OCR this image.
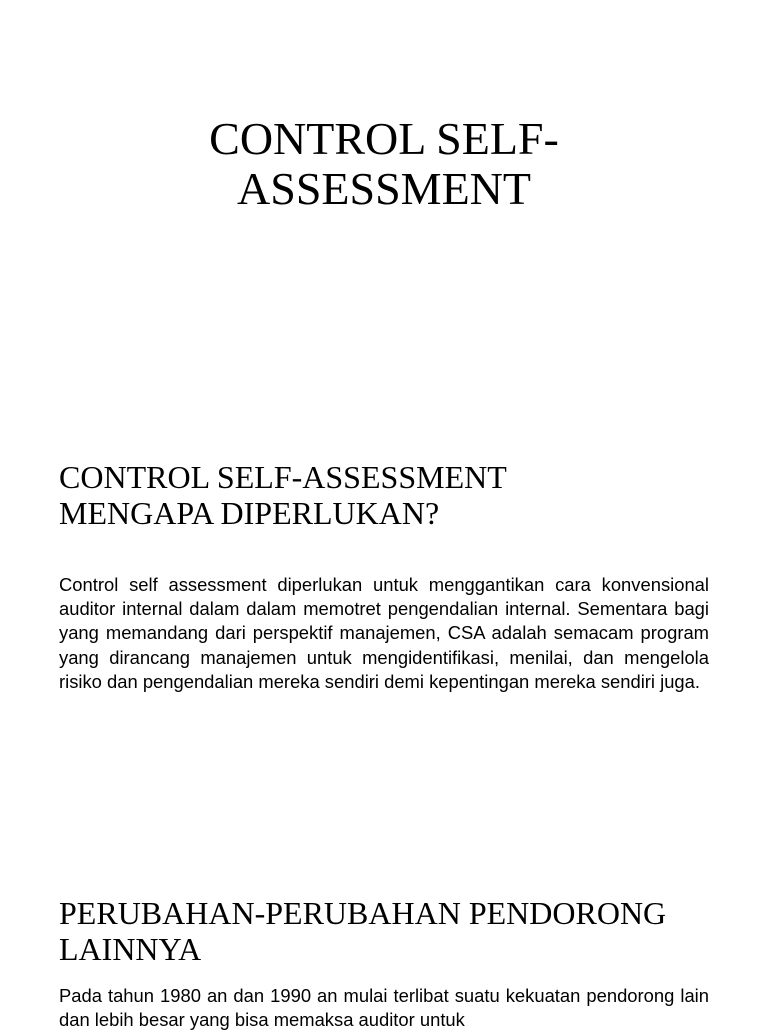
CONTROL SELF-
ASSESSMENT
CONTROL SELF-ASSESSMENT
MENGAPA DIPERLUKAN?

Control self assessment diperlukan untuk menggantikan cara konvensional auditor internal dalam dalam memotret pengendalian internal. Sementara bagi yang memandang dari perspektif manajemen, CSA adalah semacam program yang dirancang manajemen untuk mengidentifikasi, menilai, dan mengelola risiko dan pengendalian mereka sendiri demi kepentingan mereka sendiri juga.

PERUBAHAN-PERUBAHAN PENDORONG
LAINNYA

Pada tahun 1980 an dan 1990 an mulai terlibat suatu kekuatan pendorong lain dan lebih besar yang bisa memaksa auditor untuk
